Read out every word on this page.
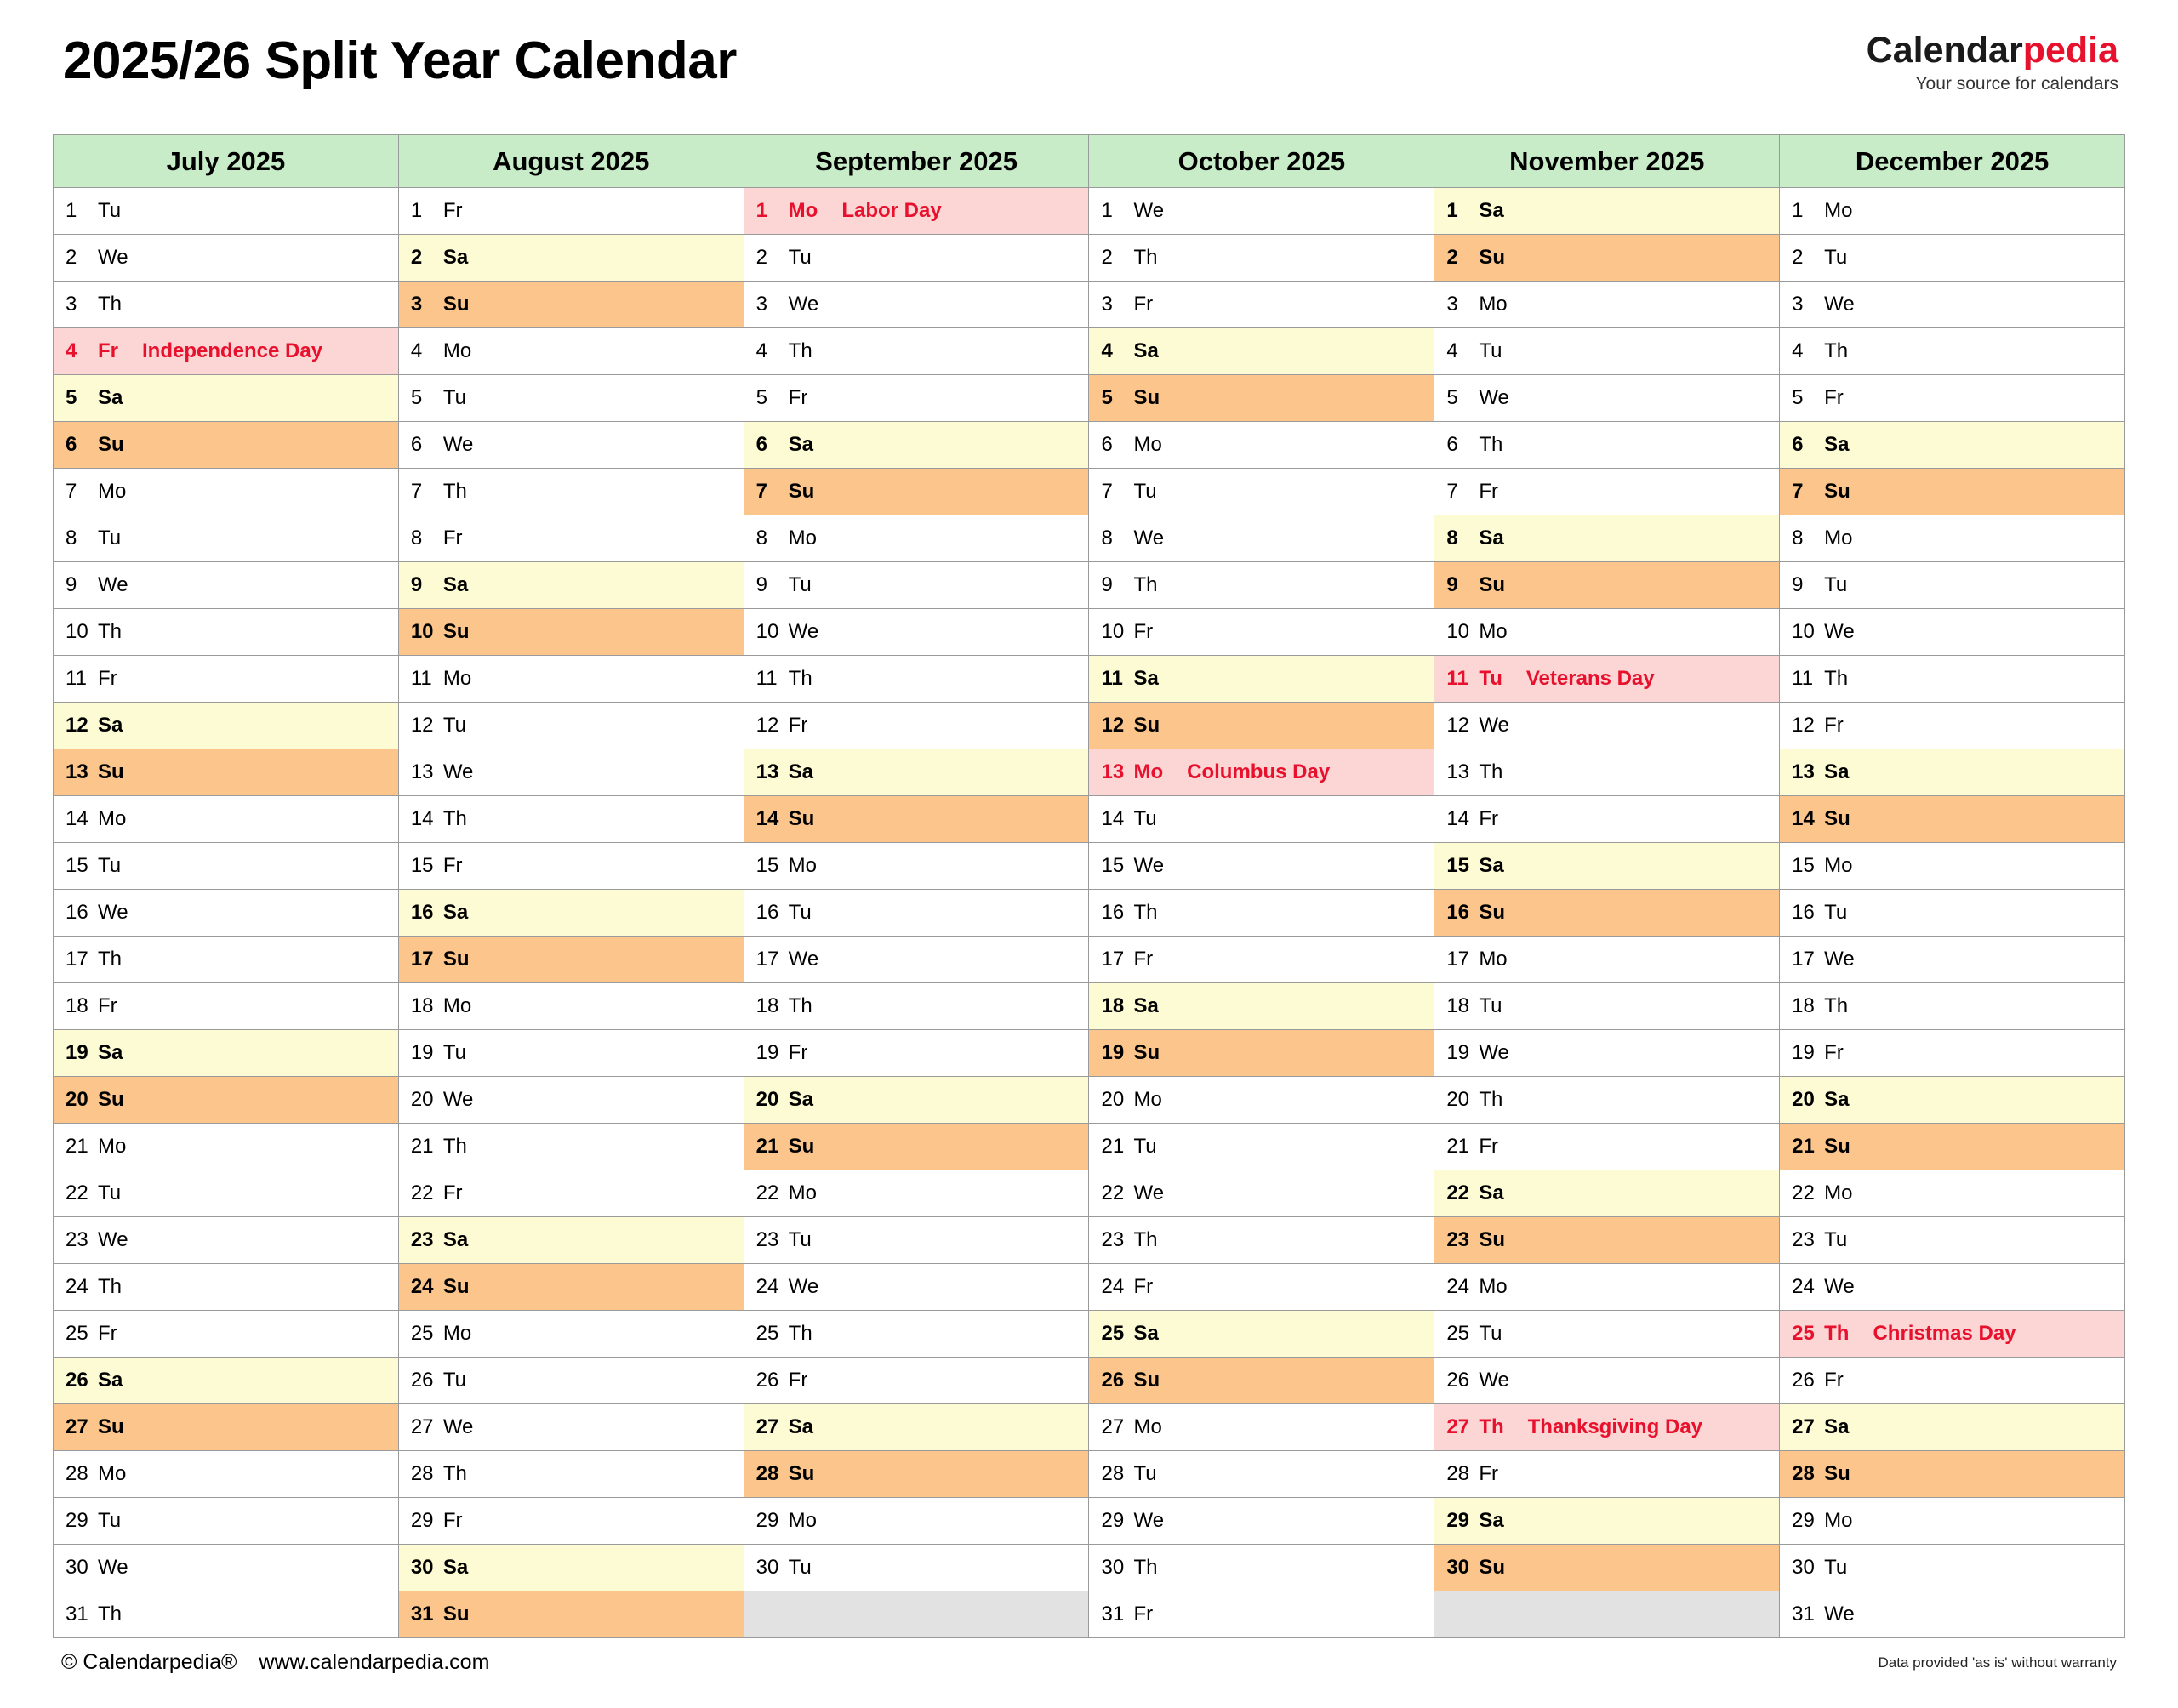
2025/26 Split Year Calendar	Calendarpedia
Your source for calendars
July 2025	August 2025	September 2025	October 2025	November 2025	December 2025

1 Tu	1 Fr	1 Mo Labor Day	1 We	1 Sa	1 Mo

2 We	2 Sa	2 Tu	2 Th	2 Su	2 Tu

3 Th	3 Su	3 We	3 Fr	3 Mo	3 We

4 Fr Independence Day	4 Mo	4 Th	4 Sa	4 Tu	4 Th

5 Sa	5 Tu	5 Fr	5 Su	5 We	5 Fr

6 Su	6 We	6 Sa	6 Mo	6 Th	6 Sa

7 Mo	7 Th	7 Su	7 Tu	7 Fr	7 Su

8 Tu	8 Fr	8 Mo	8 We	8 Sa	8 Mo

9 We	9 Sa	9 Tu	9 Th	9 Su	9 Tu

10 Th	10 Su	10 We	10 Fr	10 Mo	10 We

11 Fr	11 Mo	11 Th	11 Sa	11 Tu Veterans Day	11 Th

12 Sa	12 Tu	12 Fr	12 Su	12 We	12 Fr

13 Su	13 We	13 Sa	13 Mo Columbus Day	13 Th	13 Sa

14 Mo	14 Th	14 Su	14 Tu	14 Fr	14 Su

15 Tu	15 Fr	15 Mo	15 We	15 Sa	15 Mo

16 We	16 Sa	16 Tu	16 Th	16 Su	16 Tu

17 Th	17 Su	17 We	17 Fr	17 Mo	17 We

18 Fr	18 Mo	18 Th	18 Sa	18 Tu	18 Th

19 Sa	19 Tu	19 Fr	19 Su	19 We	19 Fr

20 Su	20 We	20 Sa	20 Mo	20 Th	20 Sa

21 Mo	21 Th	21 Su	21 Tu	21 Fr	21 Su

22 Tu	22 Fr	22 Mo	22 We	22 Sa	22 Mo

23 We	23 Sa	23 Tu	23 Th	23 Su	23 Tu

24 Th	24 Su	24 We	24 Fr	24 Mo	24 We

25 Fr	25 Mo	25 Th	25 Sa	25 Tu	25 Th Christmas Day

26 Sa	26 Tu	26 Fr	26 Su	26 We	26 Fr

27 Su	27 We	27 Sa	27 Mo	27 Th Thanksgiving Day	27 Sa

28 Mo	28 Th	28 Su	28 Tu	28 Fr	28 Su

29 Tu	29 Fr	29 Mo	29 We	29 Sa	29 Mo

30 We	30 Sa	30 Tu	30 Th	30 Su	30 Tu

31 Th	31 Su		31 Fr		31 We
© Calendarpedia® www.calendarpedia.com	Data provided 'as is' without warranty
